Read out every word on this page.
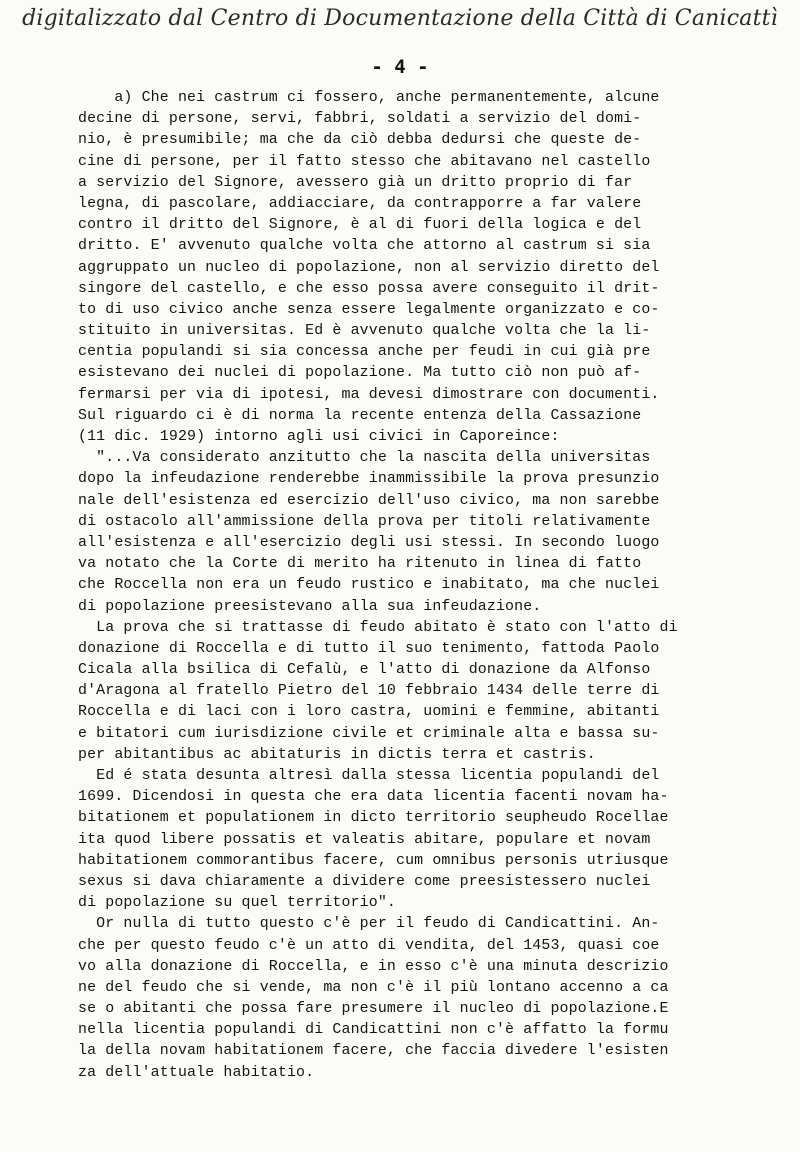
digitalizzato dal Centro di Documentazione della Città di Canicattì
- 4 -
a) Che nei castrum ci fossero, anche permanentemente, alcune
decine di persone, servi, fabbri, soldati a servizio del domi-
nio, è presumibile; ma che da ciò debba dedursi che queste de-
cine di persone, per il fatto stesso che abitavano nel castello
a servizio del Signore, avessero già un dritto proprio di far
legna, di pascolare, addiacciare, da contrapporre a far valere
contro il dritto del Signore, è al di fuori della logica e del
dritto. E' avvenuto qualche volta che attorno al castrum si sia
aggruppato un nucleo di popolazione, non al servizio diretto del
singore del castello, e che esso possa avere conseguito il drit-
to di uso civico anche senza essere legalmente organizzato e co-
stituito in universitas. Ed è avvenuto qualche volta che la li-
centia populandi si sia concessa anche per feudi in cui già pre
esistevano dei nuclei di popolazione. Ma tutto ciò non può af-
fermarsi per via di ipotesi, ma devesi dimostrare con documenti.
Sul riguardo ci è di norma la recente entenza della Cassazione
(11 dic. 1929) intorno agli usi civici in Caporeince:
"...Va considerato anzitutto che la nascita della universitas
dopo la infeudazione renderebbe inammissibile la prova presunzio
nale dell'esistenza ed esercizio dell'uso civico, ma non sarebbe
di ostacolo all'ammissione della prova per titoli relativamente
all'esistenza e all'esercizio degli usi stessi. In secondo luogo
va notato che la Corte di merito ha ritenuto in linea di fatto
che Roccella non era un feudo rustico e inabitato, ma che nuclei
di popolazione preesistevano alla sua infeudazione.
La prova che si trattasse di feudo abitato è stato con l'atto di
donazione di Roccella e di tutto il suo tenimento, fattoda Paolo
Cicala alla bsilica di Cefalù, e l'atto di donazione da Alfonso
d'Aragona al fratello Pietro del 10 febbraio 1434 delle terre di
Roccella e di laci con i loro castra, uomini e femmine, abitanti
e bitatori cum iurisdizione civile et criminale alta e bassa su-
per abitantibus ac abitaturis in dictis terra et castris.
Ed é stata desunta altresì dalla stessa licentia populandi del
1699. Dicendosi in questa che era data licentia facenti novam ha-
bitationem et populationem in dicto territorio seupheudo Rocellae
ita quod libere possatis et valeatis abitare, populare et novam
habitationem commorantibus facere, cum omnibus personis utriusque
sexus si dava chiaramente a dividere come preesistessero nuclei
di popolazione su quel territorio".
Or nulla di tutto questo c'è per il feudo di Candicattini. An-
che per questo feudo c'è un atto di vendita, del 1453, quasi coe
vo alla donazione di Roccella, e in esso c'è una minuta descrizio
ne del feudo che si vende, ma non c'è il più lontano accenno a ca
se o abitanti che possa fare presumere il nucleo di popolazione.E
nella licentia populandi di Candicattini non c'è affatto la formu
la della novam habitationem facere, che faccia divedere l'esisten
za dell'attuale habitatio.
